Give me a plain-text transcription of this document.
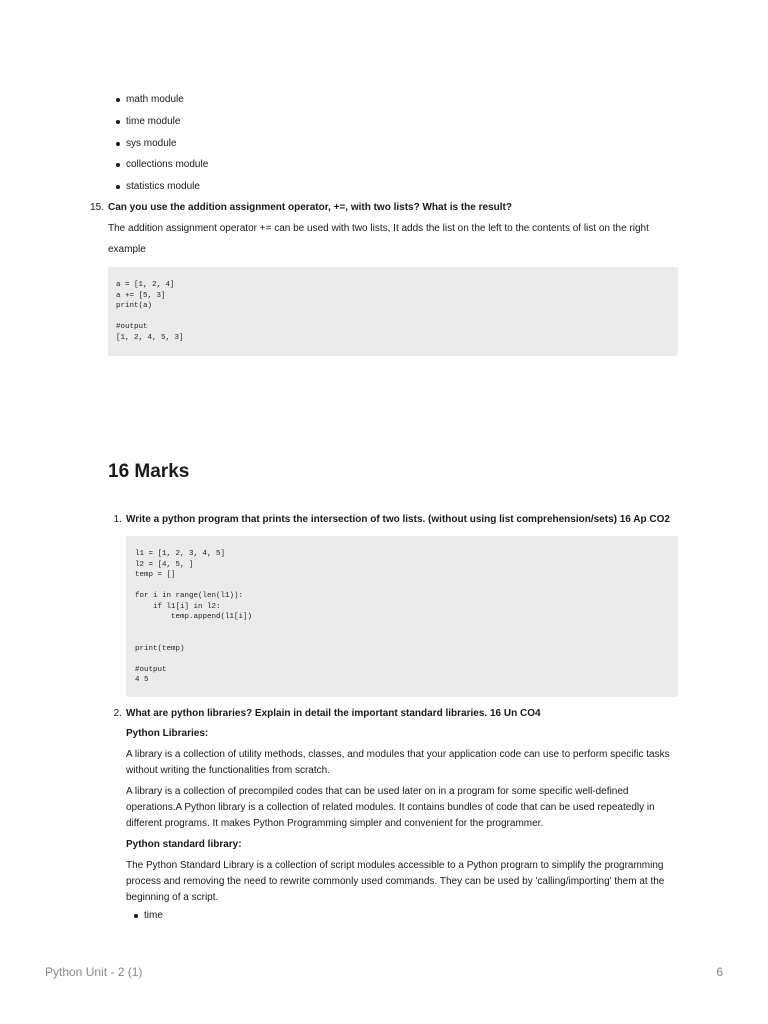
math module
time module
sys module
collections module
statistics module
15. Can you use the addition assignment operator, +=, with two lists? What is the result?

The addition assignment operator += can be used with two lists, It adds the list on the left to the contents of list on the right

example

a = [1, 2, 4]
a += [5, 3]
print(a)

#output
[1, 2, 4, 5, 3]
16 Marks
1. Write a python program that prints the intersection of two lists. (without using list comprehension/sets) 16 Ap CO2

l1 = [1, 2, 3, 4, 5]
l2 = [4, 5, ]
temp = []

for i in range(len(l1)):
if l1[i] in l2:
temp.append(l1[i])

print(temp)

#output
4 5
2. What are python libraries? Explain in detail the important standard libraries. 16 Un CO4

Python Libraries:

A library is a collection of utility methods, classes, and modules that your application code can use to perform specific tasks without writing the functionalities from scratch.

A library is a collection of precompiled codes that can be used later on in a program for some specific well-defined operations.A Python library is a collection of related modules. It contains bundles of code that can be used repeatedly in different programs. It makes Python Programming simpler and convenient for the programmer.

Python standard library:

The Python Standard Library is a collection of script modules accessible to a Python program to simplify the programming process and removing the need to rewrite commonly used commands. They can be used by 'calling/importing' them at the beginning of a script.

time
Python Unit - 2 (1)	6
